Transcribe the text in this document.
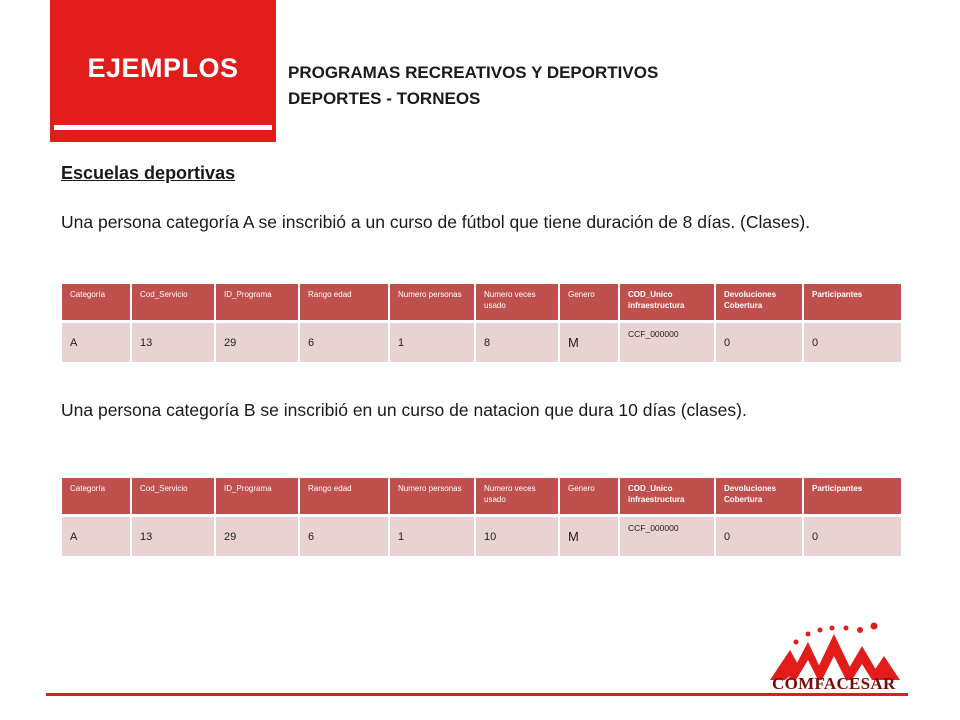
EJEMPLOS	PROGRAMAS RECREATIVOS Y DEPORTIVOS
DEPORTES - TORNEOS
Escuelas deportivas
Una persona categoría A se inscribió a un curso de fútbol que tiene duración de 8 días. (Clases).
Categoría	Cod_Servicio	ID_Programa	Rango edad	Numero personas	Numero veces usado	Genero	COD_Unico infraestructura	Devoluciones Cobertura	Participantes
A	13	29	6	1	8	M	CCF_000000	0	0
Una persona categoría B se inscribió en un curso de natacion que dura 10 días (clases).
Categoría	Cod_Servicio	ID_Programa	Rango edad	Numero personas	Numero veces usado	Genero	COD_Unico infraestructura	Devoluciones Cobertura	Participantes
A	13	29	6	1	10	M	CCF_000000	0	0
COMFACESAR
